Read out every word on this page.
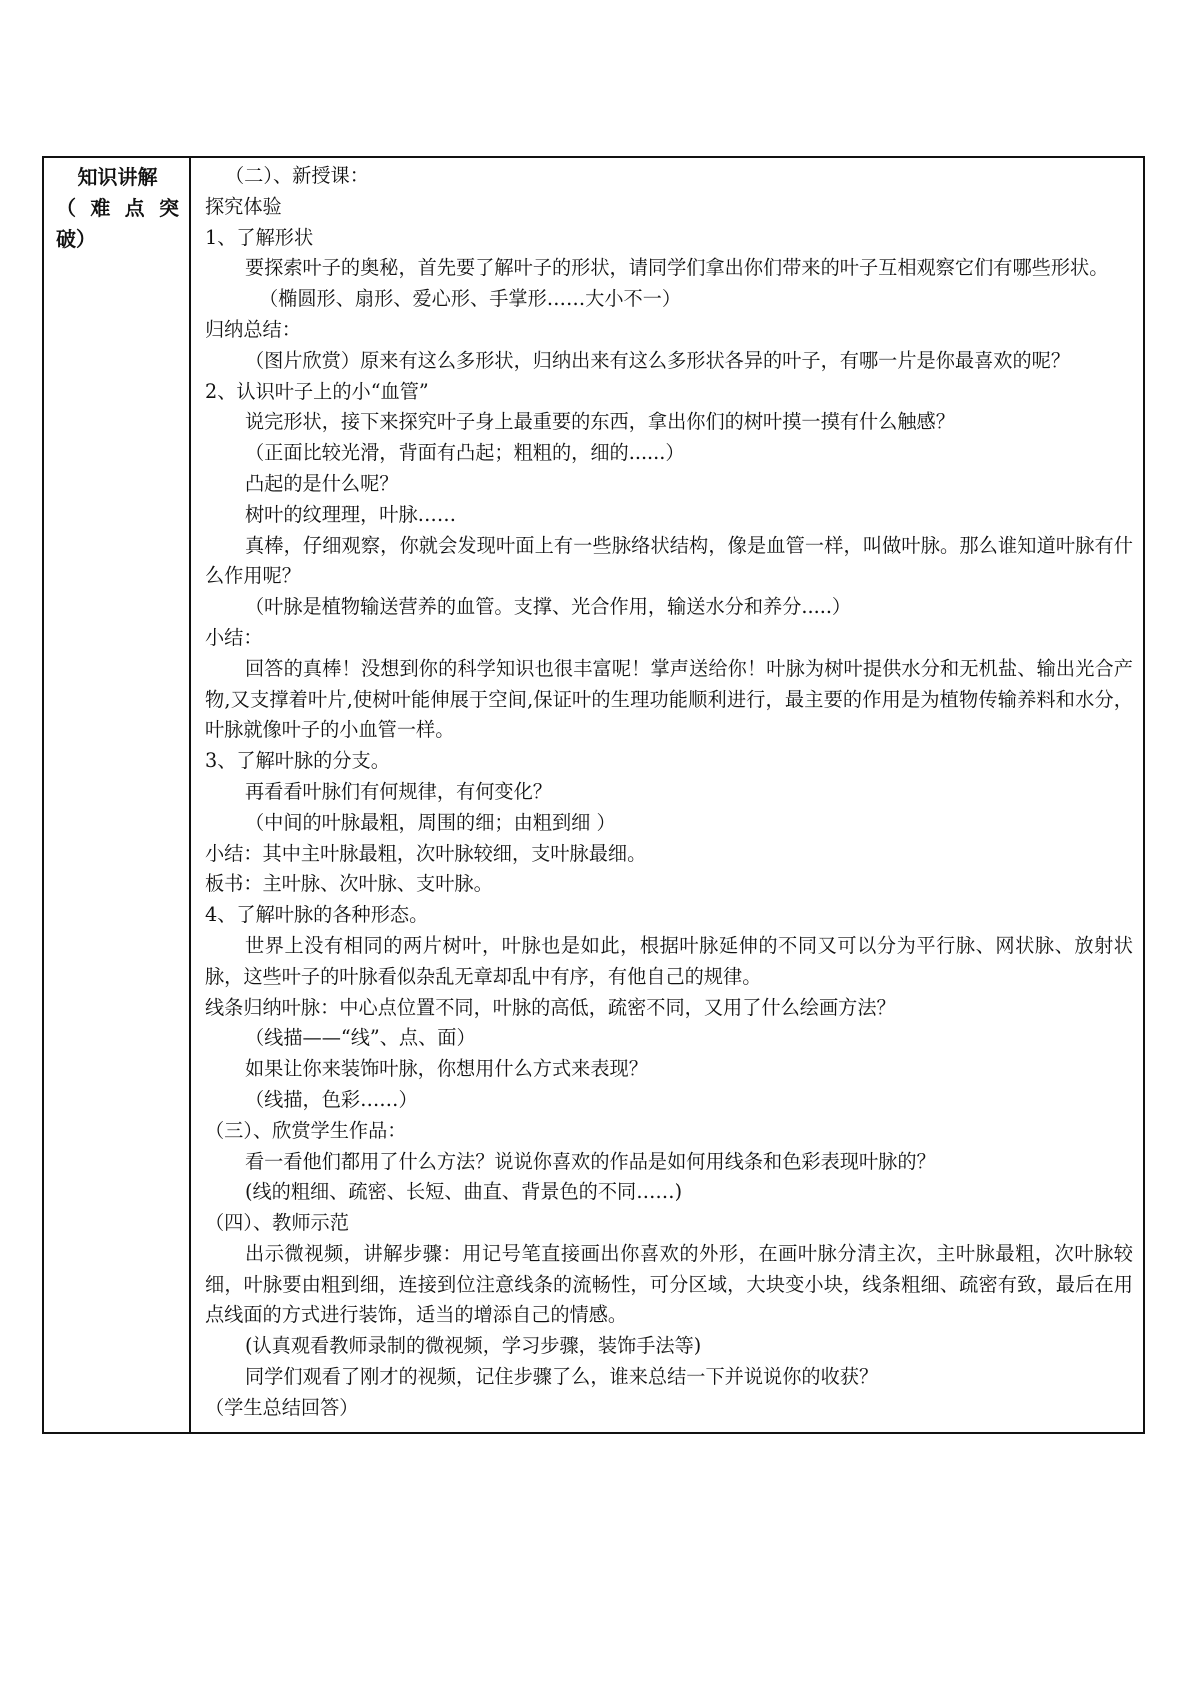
知识讲解
（ 难 点 突
破）

（二）、新授课：
探究体验
1、了解形状
要探索叶子的奥秘，首先要了解叶子的形状，请同学们拿出你们带来的叶子互相观察它们有哪些形状。
（椭圆形、扇形、爱心形、手掌形……大小不一）
归纳总结：
（图片欣赏）原来有这么多形状，归纳出来有这么多形状各异的叶子，有哪一片是你最喜欢的呢？
2、认识叶子上的小“血管”
说完形状，接下来探究叶子身上最重要的东西，拿出你们的树叶摸一摸有什么触感？
（正面比较光滑，背面有凸起；粗粗的，细的......）
凸起的是什么呢？
树叶的纹理理，叶脉……
真棒，仔细观察，你就会发现叶面上有一些脉络状结构，像是血管一样，叫做叶脉。那么谁知道叶脉有什么作用呢？
（叶脉是植物输送营养的血管。支撑、光合作用，输送水分和养分.....）
小结：
回答的真棒！没想到你的科学知识也很丰富呢！掌声送给你！叶脉为树叶提供水分和无机盐、输出光合产物,又支撑着叶片,使树叶能伸展于空间,保证叶的生理功能顺利进行，最主要的作用是为植物传输养料和水分，叶脉就像叶子的小血管一样。
3、了解叶脉的分支。
再看看叶脉们有何规律，有何变化？
（中间的叶脉最粗，周围的细；由粗到细 ）
小结：其中主叶脉最粗，次叶脉较细，支叶脉最细。
板书：主叶脉、次叶脉、支叶脉。
4、了解叶脉的各种形态。
世界上没有相同的两片树叶，叶脉也是如此，根据叶脉延伸的不同又可以分为平行脉、网状脉、放射状脉，这些叶子的叶脉看似杂乱无章却乱中有序，有他自己的规律。
线条归纳叶脉：中心点位置不同，叶脉的高低，疏密不同，又用了什么绘画方法？
（线描——“线”、点、面）
如果让你来装饰叶脉，你想用什么方式来表现？
（线描，色彩……）
（三）、欣赏学生作品：
看一看他们都用了什么方法？说说你喜欢的作品是如何用线条和色彩表现叶脉的？
(线的粗细、疏密、长短、曲直、背景色的不同……)
（四）、教师示范
出示微视频，讲解步骤：用记号笔直接画出你喜欢的外形，在画叶脉分清主次，主叶脉最粗，次叶脉较细，叶脉要由粗到细，连接到位注意线条的流畅性，可分区域，大块变小块，线条粗细、疏密有致，最后在用点线面的方式进行装饰，适当的增添自己的情感。
(认真观看教师录制的微视频，学习步骤，装饰手法等)
同学们观看了刚才的视频，记住步骤了么，谁来总结一下并说说你的收获？
（学生总结回答）
